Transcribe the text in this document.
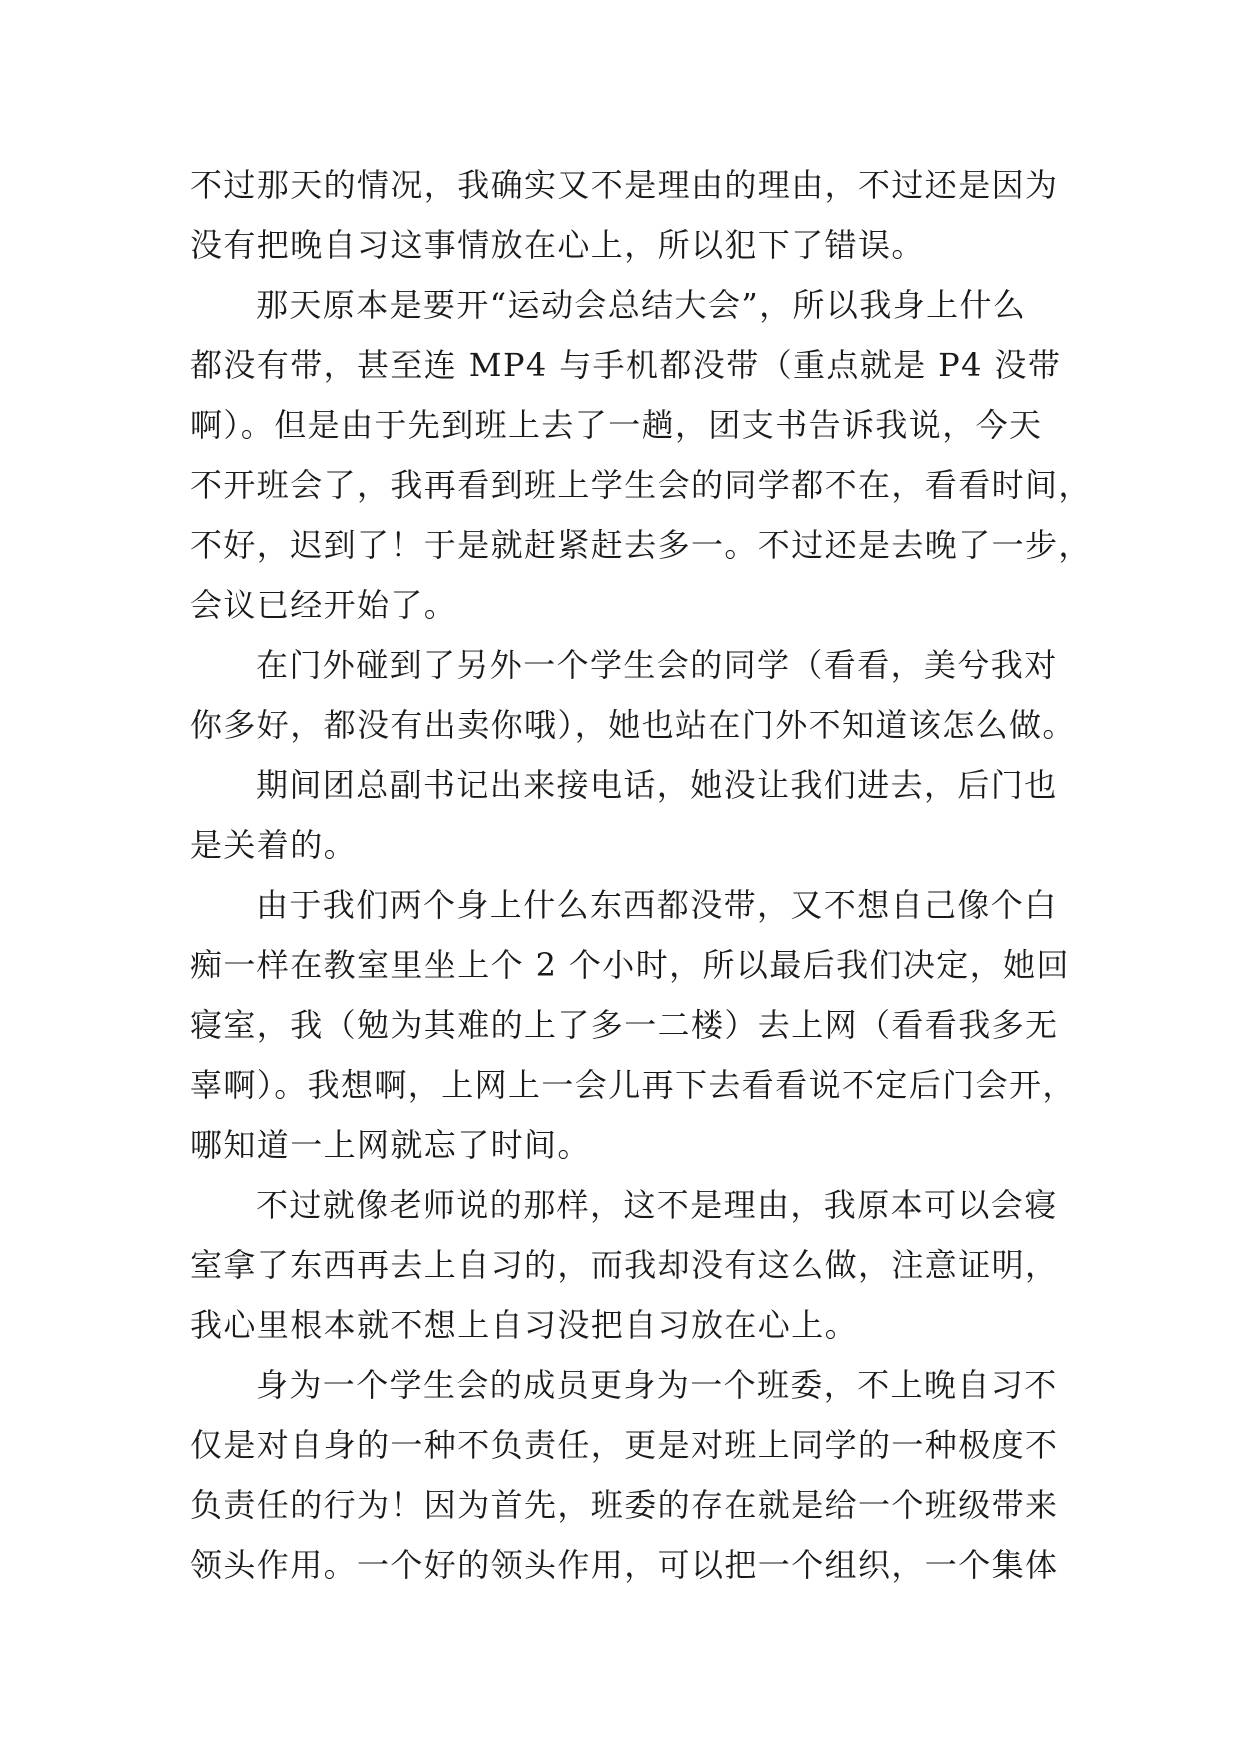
不过那天的情况，我确实又不是理由的理由，不过还是因为
没有把晚自习这事情放在心上，所以犯下了错误。
那天原本是要开“运动会总结大会”，所以我身上什么
都没有带，甚至连 MP4 与手机都没带（重点就是 P4 没带
啊）。但是由于先到班上去了一趟，团支书告诉我说，今天
不开班会了，我再看到班上学生会的同学都不在，看看时间，
不好，迟到了！于是就赶紧赶去多一。不过还是去晚了一步，
会议已经开始了。
在门外碰到了另外一个学生会的同学（看看，美兮我对
你多好，都没有出卖你哦），她也站在门外不知道该怎么做。
期间团总副书记出来接电话，她没让我们进去，后门也
是关着的。
由于我们两个身上什么东西都没带，又不想自己像个白
痴一样在教室里坐上个 2 个小时，所以最后我们决定，她回
寝室，我（勉为其难的上了多一二楼）去上网（看看我多无
辜啊）。我想啊，上网上一会儿再下去看看说不定后门会开，
哪知道一上网就忘了时间。
不过就像老师说的那样，这不是理由，我原本可以会寝
室拿了东西再去上自习的，而我却没有这么做，注意证明，
我心里根本就不想上自习没把自习放在心上。
身为一个学生会的成员更身为一个班委，不上晚自习不
仅是对自身的一种不负责任，更是对班上同学的一种极度不
负责任的行为！因为首先，班委的存在就是给一个班级带来
领头作用。一个好的领头作用，可以把一个组织，一个集体
